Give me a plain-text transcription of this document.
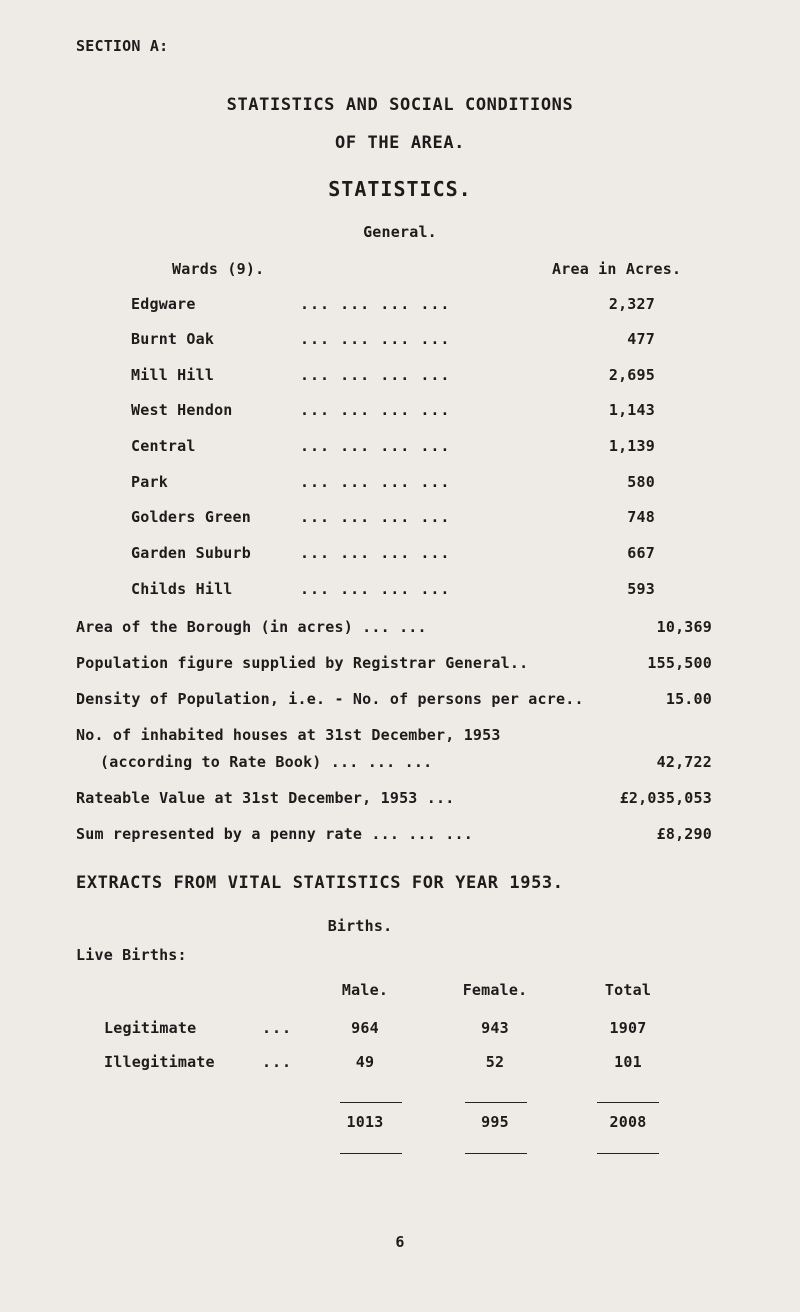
SECTION A:
STATISTICS AND SOCIAL CONDITIONS
OF THE AREA.
STATISTICS.
General.
Wards (9).	Area in Acres.
Edgware	... ... ... ...	2,327
Burnt Oak	... ... ... ...	477
Mill Hill	... ... ... ...	2,695
West Hendon	... ... ... ...	1,143
Central	... ... ... ...	1,139
Park	... ... ... ...	580
Golders Green	... ... ... ...	748
Garden Suburb	... ... ... ...	667
Childs Hill	... ... ... ...	593
Area of the Borough (in acres) ... ...	10,369
Population figure supplied by Registrar General..	155,500
Density of Population, i.e. - No. of persons per acre..	15.00
No. of inhabited houses at 31st December, 1953
(according to Rate Book) ... ... ...	42,722
Rateable Value at 31st December, 1953 ...	£2,035,053
Sum represented by a penny rate ... ... ...	£8,290
EXTRACTS FROM VITAL STATISTICS FOR YEAR 1953.
Births.
Live Births:
Male.	Female.	Total
Legitimate	...	964	943	1907
Illegitimate	...	49	52	101
1013	995	2008
6
